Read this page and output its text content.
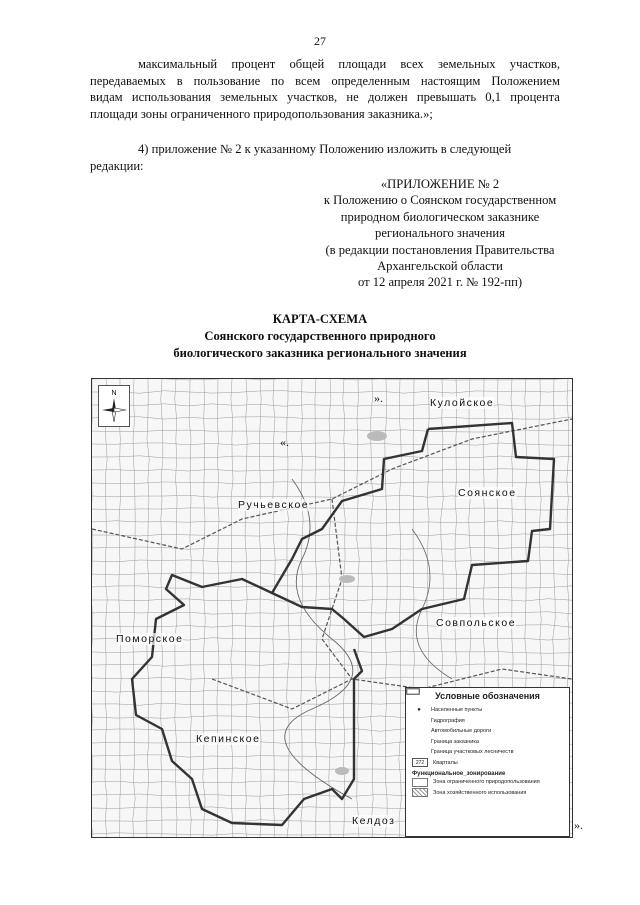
27
максимальный процент общей площади всех земельных участков,
передаваемых в пользование по всем определенным настоящим Положением
видам использования земельных участков, не должен превышать 0,1 процента
площади зоны ограниченного природопользования заказника.»;
4) приложение № 2 к указанному Положению изложить в следующей
редакции:
«ПРИЛОЖЕНИЕ № 2
к Положению о Соянском государственном
природном биологическом заказнике
регионального значения
(в редакции постановления Правительства
Архангельской области
от 12 апреля 2021 г. № 192-пп)
КАРТА-СХЕМА
Соянского государственного природного
биологического заказника регионального значения
N
«.
».	Кулойское
Соянское
Ручьевское
Совпольское
Поморское
Кепинское
Келдоз
Условные обозначения
●	Населенные пункты
Гидрография
Автомобильные дороги
Граница заказника
Граница участковых лесничеств
272	Кварталы
Функциональное_зонирование
Зона ограниченного природопользования
Зона хозяйственного использования
».
